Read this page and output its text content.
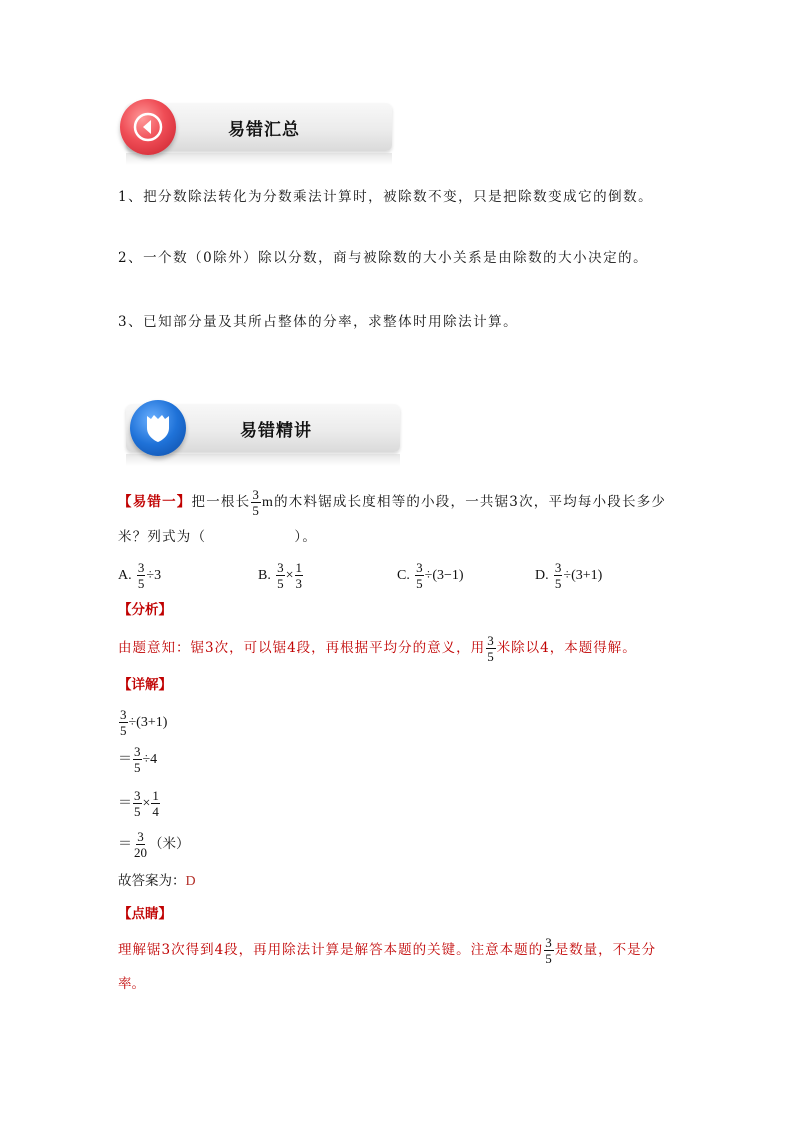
易错汇总
1、把分数除法转化为分数乘法计算时，被除数不变，只是把除数变成它的倒数。
2、一个数（0除外）除以分数，商与被除数的大小关系是由除数的大小决定的。
3、已知部分量及其所占整体的分率，求整体时用除法计算。
易错精讲
【易错一】把一根长 $\frac{3}{5}$ m的木料锯成长度相等的小段，一共锯3次，平均每小段长多少
米？列式为（　　　　　　）。
A. $\frac{3}{5} \div 3$	B. $\frac{3}{5} \times \frac{1}{3}$	C. $\frac{3}{5} \div(3-1)$	D. $\frac{3}{5} \div(3+1)$
【分析】
由题意知：锯3次，可以锯4段，再根据平均分的意义，用 $\frac{3}{5}$ 米除以4，本题得解。
【详解】
$\frac{3}{5} \div(3+1)$
＝ $\frac{3}{5} \div 4$
＝ $\frac{3}{5} \times \frac{1}{4}$
＝ $\frac{3}{20}$ （米）
故答案为：D
【点睛】
理解锯3次得到4段，再用除法计算是解答本题的关键。注意本题的 $\frac{3}{5}$ 是数量，不是分
率。
